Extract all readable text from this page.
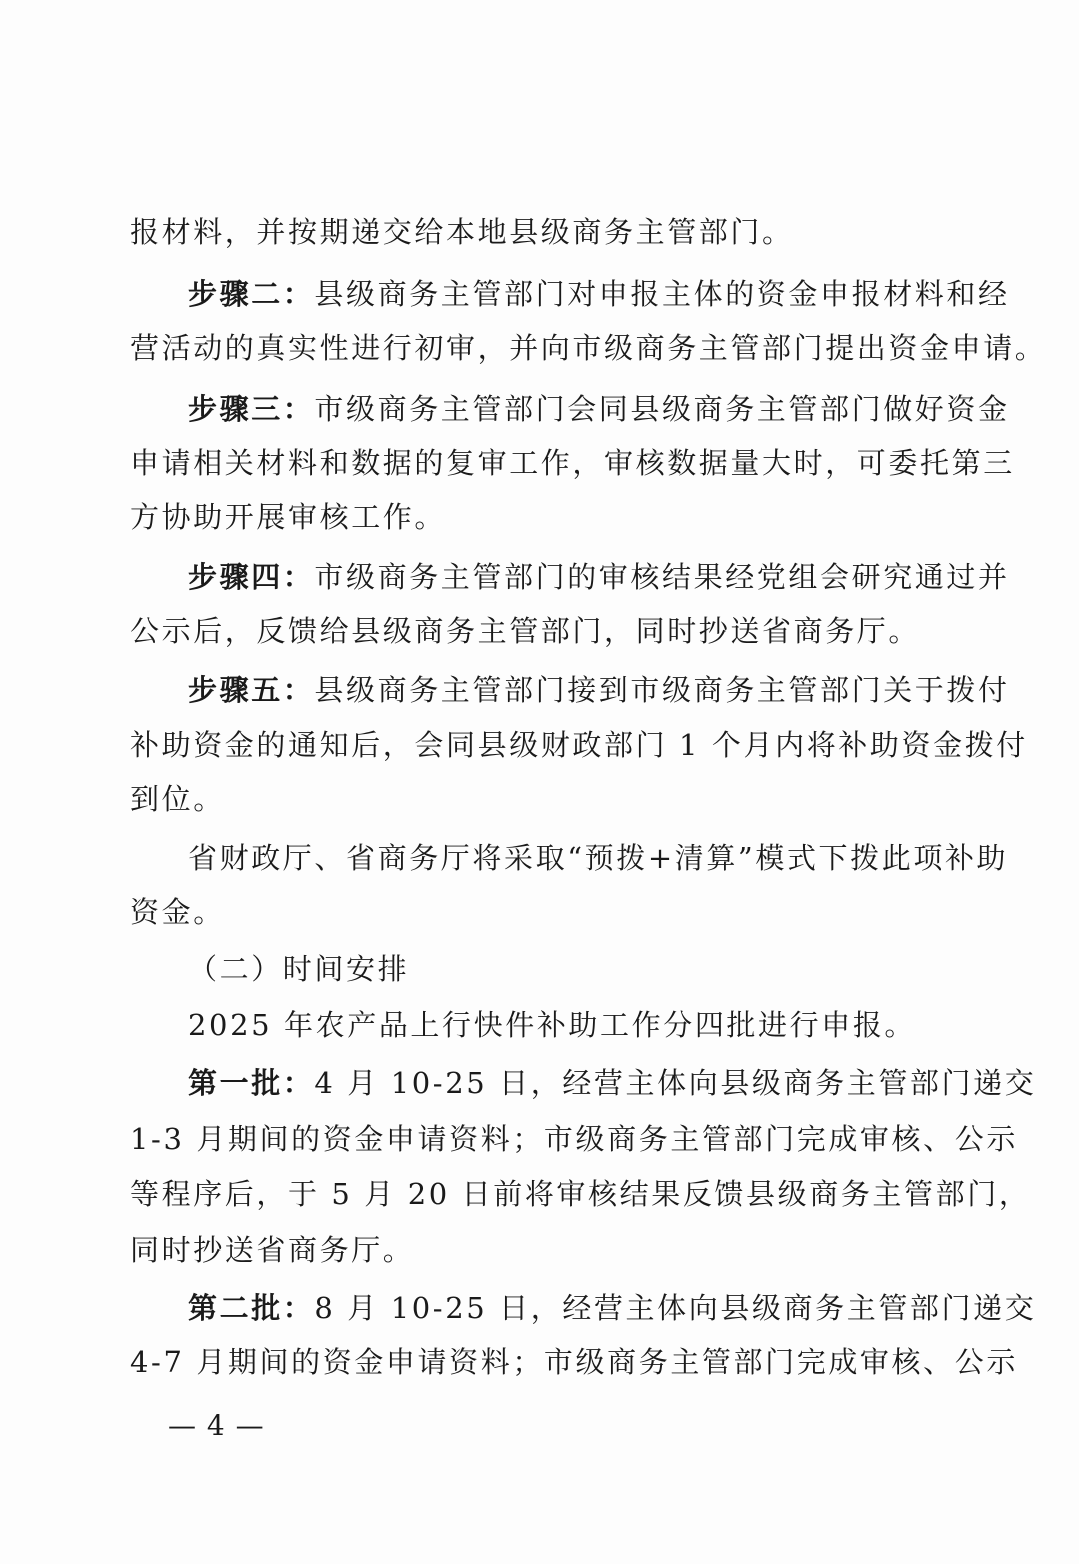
报材料，并按期递交给本地县级商务主管部门。
步骤二：县级商务主管部门对申报主体的资金申报材料和经
营活动的真实性进行初审，并向市级商务主管部门提出资金申请。
步骤三：市级商务主管部门会同县级商务主管部门做好资金
申请相关材料和数据的复审工作，审核数据量大时，可委托第三
方协助开展审核工作。
步骤四：市级商务主管部门的审核结果经党组会研究通过并
公示后，反馈给县级商务主管部门，同时抄送省商务厅。
步骤五：县级商务主管部门接到市级商务主管部门关于拨付
补助资金的通知后，会同县级财政部门 1 个月内将补助资金拨付
到位。
省财政厅、省商务厅将采取“预拨+清算”模式下拨此项补助
资金。
（二）时间安排
2025 年农产品上行快件补助工作分四批进行申报。
第一批：4 月 10-25 日，经营主体向县级商务主管部门递交
1-3 月期间的资金申请资料；市级商务主管部门完成审核、公示
等程序后，于 5 月 20 日前将审核结果反馈县级商务主管部门，
同时抄送省商务厅。
第二批：8 月 10-25 日，经营主体向县级商务主管部门递交
4-7 月期间的资金申请资料；市级商务主管部门完成审核、公示
— 4 —
